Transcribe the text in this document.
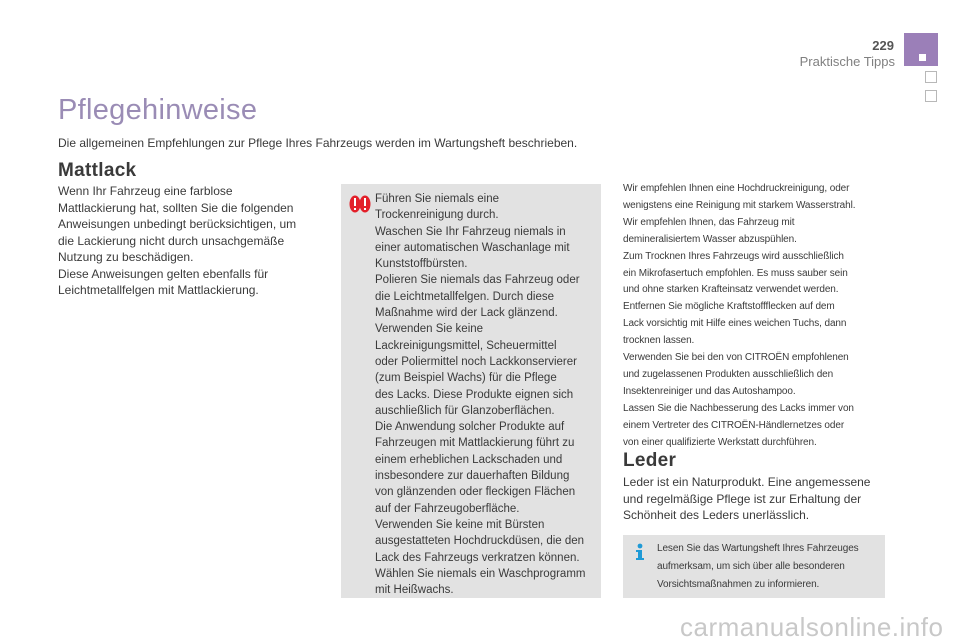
229
Praktische Tipps
Pflegehinweise
Die allgemeinen Empfehlungen zur Pflege Ihres Fahrzeugs werden im Wartungsheft beschrieben.
Mattlack
Wenn Ihr Fahrzeug eine farblose
Mattlackierung hat, sollten Sie die folgenden
Anweisungen unbedingt berücksichtigen, um
die Lackierung nicht durch unsachgemäße
Nutzung zu beschädigen.
Diese Anweisungen gelten ebenfalls für
Leichtmetallfelgen mit Mattlackierung.
Führen Sie niemals eine
Trockenreinigung durch.
Waschen Sie Ihr Fahrzeug niemals in
einer automatischen Waschanlage mit
Kunststoffbürsten.
Polieren Sie niemals das Fahrzeug oder
die Leichtmetallfelgen. Durch diese
Maßnahme wird der Lack glänzend.
Verwenden Sie keine
Lackreinigungsmittel, Scheuermittel
oder Poliermittel noch Lackkonservierer
(zum Beispiel Wachs) für die Pflege
des Lacks. Diese Produkte eignen sich
auschließlich für Glanzoberflächen.
Die Anwendung solcher Produkte auf
Fahrzeugen mit Mattlackierung führt zu
einem erheblichen Lackschaden und
insbesondere zur dauerhaften Bildung
von glänzenden oder fleckigen Flächen
auf der Fahrzeugoberfläche.
Verwenden Sie keine mit Bürsten
ausgestatteten Hochdruckdüsen, die den
Lack des Fahrzeugs verkratzen können.
Wählen Sie niemals ein Waschprogramm
mit Heißwachs.
Wir empfehlen Ihnen eine Hochdruckreinigung, oder
wenigstens eine Reinigung mit starkem Wasserstrahl.
Wir empfehlen Ihnen, das Fahrzeug mit
demineralisiertem Wasser abzuspühlen.
Zum Trocknen Ihres Fahrzeugs wird ausschließlich
ein Mikrofasertuch empfohlen. Es muss sauber sein
und ohne starken Krafteinsatz verwendet werden.
Entfernen Sie mögliche Kraftstoffflecken auf dem
Lack vorsichtig mit Hilfe eines weichen Tuchs, dann
trocknen lassen.
Verwenden Sie bei den von CITROËN empfohlenen
und zugelassenen Produkten ausschließlich den
Insektenreiniger und das Autoshampoo.
Lassen Sie die Nachbesserung des Lacks immer von
einem Vertreter des CITROËN-Händlernetzes oder
von einer qualifizierte Werkstatt durchführen.
Leder
Leder ist ein Naturprodukt. Eine angemessene
und regelmäßige Pflege ist zur Erhaltung der
Schönheit des Leders unerlässlich.
Lesen Sie das Wartungsheft Ihres Fahrzeuges
aufmerksam, um sich über alle besonderen
Vorsichtsmaßnahmen zu informieren.
carmanualsonline.info
